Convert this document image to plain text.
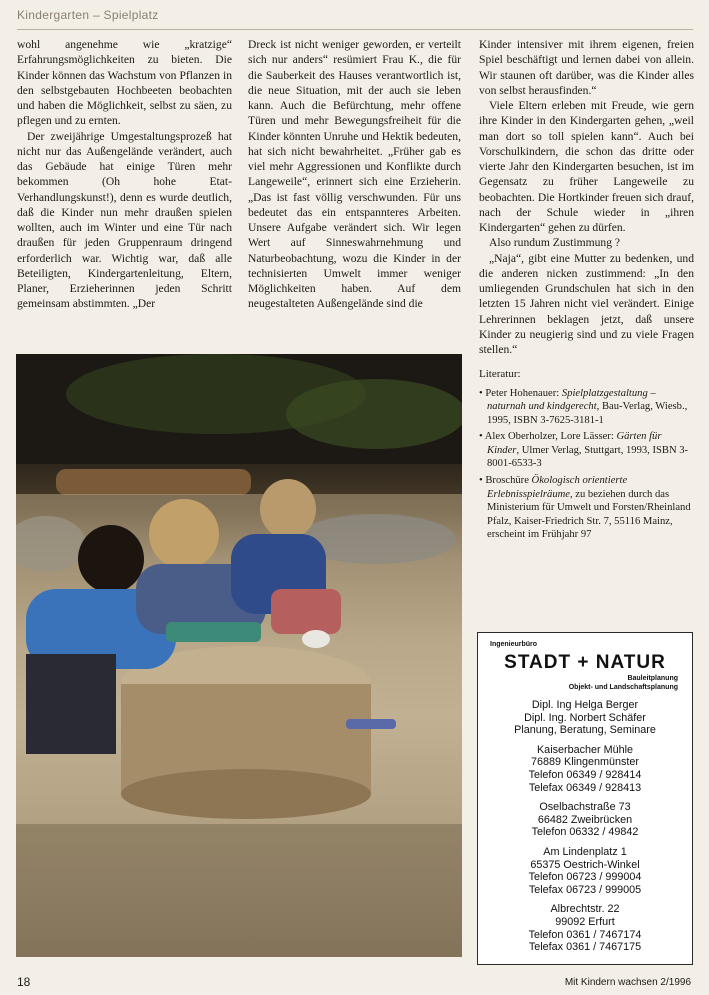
Kindergarten – Spielplatz

wohl angenehme wie „kratzige“ Erfahrungsmöglichkeiten zu bieten. Die Kinder können das Wachstum von Pflanzen in den selbstgebauten Hochbeeten beobachten und haben die Möglichkeit, selbst zu säen, zu pflegen und zu ernten.

Der zweijährige Umgestaltungsprozeß hat nicht nur das Außengelände verändert, auch das Gebäude hat einige Türen mehr bekommen (Oh hohe Etat-Verhandlungskunst!), denn es wurde deutlich, daß die Kinder nun mehr draußen spielen wollten, auch im Winter und eine Tür nach draußen für jeden Gruppenraum dringend erforderlich war. Wichtig war, daß alle Beteiligten, Kindergartenleitung, Eltern, Planer, Erzieherinnen jeden Schritt gemeinsam abstimmten. „Der

Dreck ist nicht weniger geworden, er verteilt sich nur anders“ resümiert Frau K., die für die Sauberkeit des Hauses verantwortlich ist, die neue Situation, mit der auch sie leben kann. Auch die Befürchtung, mehr offene Türen und mehr Bewegungsfreiheit für die Kinder könnten Unruhe und Hektik bedeuten, hat sich nicht bewahrheitet. „Früher gab es viel mehr Aggressionen und Konflikte durch Langeweile“, erinnert sich eine Erzieherin. „Das ist fast völlig verschwunden. Für uns bedeutet das ein entspannteres Arbeiten. Unsere Aufgabe verändert sich. Wir legen Wert auf Sinneswahrnehmung und Naturbeobachtung, wozu die Kinder in der technisierten Umwelt immer weniger Möglichkeiten haben. Auf dem neugestalteten Außengelände sind die

Kinder intensiver mit ihrem eigenen, freien Spiel beschäftigt und lernen dabei von allein. Wir staunen oft darüber, was die Kinder alles von selbst herausfinden.“

Viele Eltern erleben mit Freude, wie gern ihre Kinder in den Kindergarten gehen, „weil man dort so toll spielen kann“. Auch bei Vorschulkindern, die schon das dritte oder vierte Jahr den Kindergarten besuchen, ist im Gegensatz zu früher Langeweile zu beobachten. Die Hortkinder freuen sich drauf, nach der Schule wieder in „ihren Kindergarten“ gehen zu dürfen.

Also rundum Zustimmung ?

„Naja“, gibt eine Mutter zu bedenken, und die anderen nicken zustimmend: „In den umliegenden Grundschulen hat sich in den letzten 15 Jahren nicht viel verändert. Einige Lehrerinnen beklagen jetzt, daß unsere Kinder zu neugierig sind und zu viele Fragen stellen.“

Literatur:
• Peter Hohenauer: Spielplatzgestaltung – naturnah und kindgerecht, Bau-Verlag, Wiesb., 1995, ISBN 3-7625-3181-1
• Alex Oberholzer, Lore Lässer: Gärten für Kinder, Ulmer Verlag, Stuttgart, 1993, ISBN 3-8001-6533-3
• Broschüre Ökologisch orientierte Erlebnisspielräume, zu beziehen durch das Ministerium für Umwelt und Forsten/Rheinland Pfalz, Kaiser-Friedrich Str. 7, 55116 Mainz, erscheint im Frühjahr 97
Ingenieurbüro
STADT + NATUR
Bauleitplanung
Objekt- und Landschaftsplanung
Dipl. Ing Helga Berger
Dipl. Ing. Norbert Schäfer
Planung, Beratung, Seminare
Kaiserbacher Mühle
76889 Klingenmünster
Telefon 06349 / 928414
Telefax 06349 / 928413
Oselbachstraße 73
66482 Zweibrücken
Telefon 06332 / 49842
Am Lindenplatz 1
65375 Oestrich-Winkel
Telefon 06723 / 999004
Telefax 06723 / 999005
Albrechtstr. 22
99092 Erfurt
Telefon 0361 / 7467174
Telefax 0361 / 7467175
18	Mit Kindern wachsen 2/1996
